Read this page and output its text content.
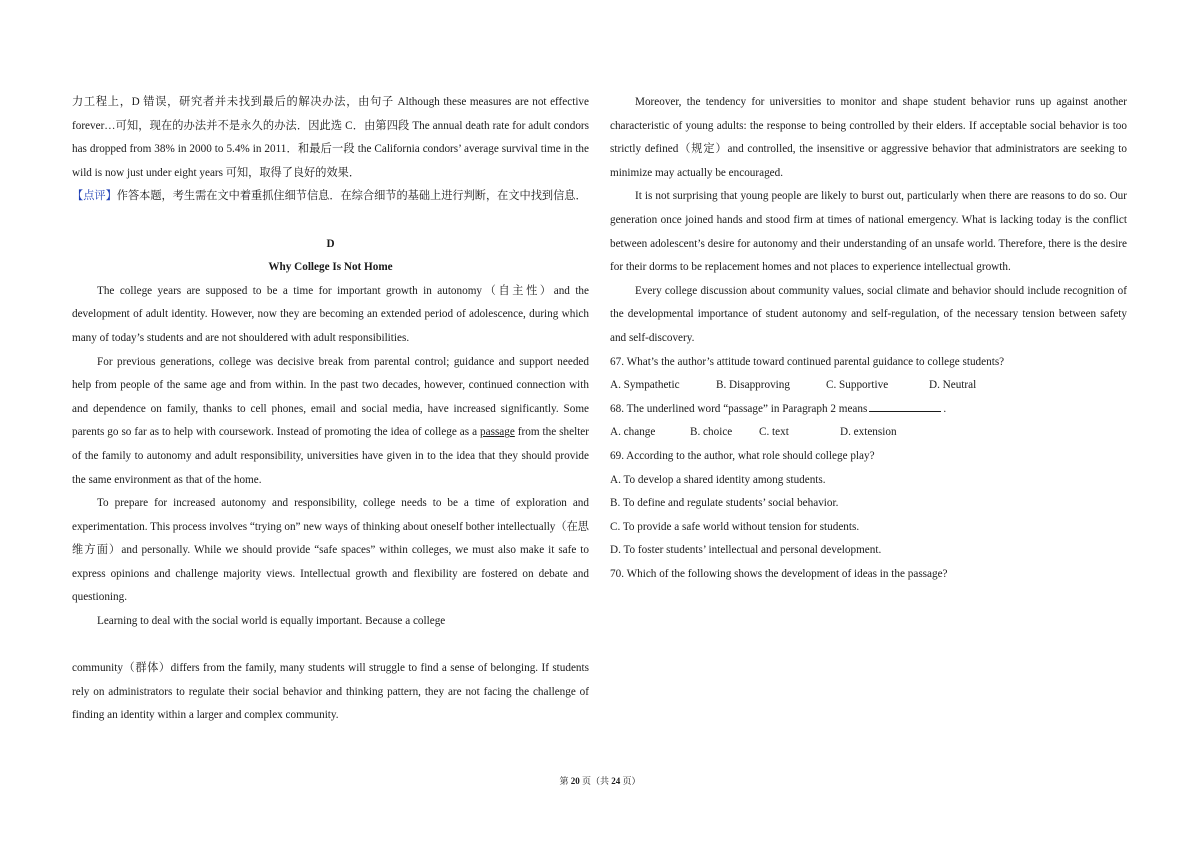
力工程上，D 错误，研究者并未找到最后的解决办法，由句子 Although these measures are not effective forever…可知，现在的办法并不是永久的办法．因此选 C．由第四段 The annual death rate for adult condors has dropped from 38% in 2000 to 5.4% in 2011．和最后一段 the California condors’ average survival time in the wild is now just under eight years 可知，取得了良好的效果．

【点评】作答本题，考生需在文中着重抓住细节信息．在综合细节的基础上进行判断，在文中找到信息．

D

Why College Is Not Home

The college years are supposed to be a time for important growth in autonomy（自主性）and the development of adult identity. However, now they are becoming an extended period of adolescence, during which many of today’s students and are not shouldered with adult responsibilities.

For previous generations, college was decisive break from parental control; guidance and support needed help from people of the same age and from within. In the past two decades, however, continued connection with and dependence on family, thanks to cell phones, email and social media, have increased significantly. Some parents go so far as to help with coursework. Instead of promoting the idea of college as a passage from the shelter of the family to autonomy and adult responsibility, universities have given in to the idea that they should provide the same environment as that of the home.

To prepare for increased autonomy and responsibility, college needs to be a time of exploration and experimentation. This process involves “trying on” new ways of thinking about oneself bother intellectually（在思维方面）and personally. While we should provide “safe spaces” within colleges, we must also make it safe to express opinions and challenge majority views. Intellectual growth and flexibility are fostered on debate and questioning.

Learning to deal with the social world is equally important. Because a college

community（群体）differs from the family, many students will struggle to find a sense of belonging. If students rely on administrators to regulate their social behavior and thinking pattern, they are not facing the challenge of finding an identity within a larger and complex community.

Moreover, the tendency for universities to monitor and shape student behavior runs up against another characteristic of young adults: the response to being controlled by their elders. If acceptable social behavior is too strictly defined（规定）and controlled, the insensitive or aggressive behavior that administrators are seeking to minimize may actually be encouraged.

It is not surprising that young people are likely to burst out, particularly when there are reasons to do so. Our generation once joined hands and stood firm at times of national emergency. What is lacking today is the conflict between adolescent’s desire for autonomy and their understanding of an unsafe world. Therefore, there is the desire for their dorms to be replacement homes and not places to experience intellectual growth.

Every college discussion about community values, social climate and behavior should include recognition of the developmental importance of student autonomy and self-regulation, of the necessary tension between safety and self-discovery.

67. What’s the author’s attitude toward continued parental guidance to college students?

A. Sympathetic	B. Disapproving	C. Supportive	D. Neutral

68. The underlined word “passage” in Paragraph 2 means	.

A. change	B. choice	C. text	D. extension

69. According to the author, what role should college play?

A. To develop a shared identity among students.

B. To define and regulate students’ social behavior.

C. To provide a safe world without tension for students.

D. To foster students’ intellectual and personal development.

70. Which of the following shows the development of ideas in the passage?

第 20 页（共 24 页）
